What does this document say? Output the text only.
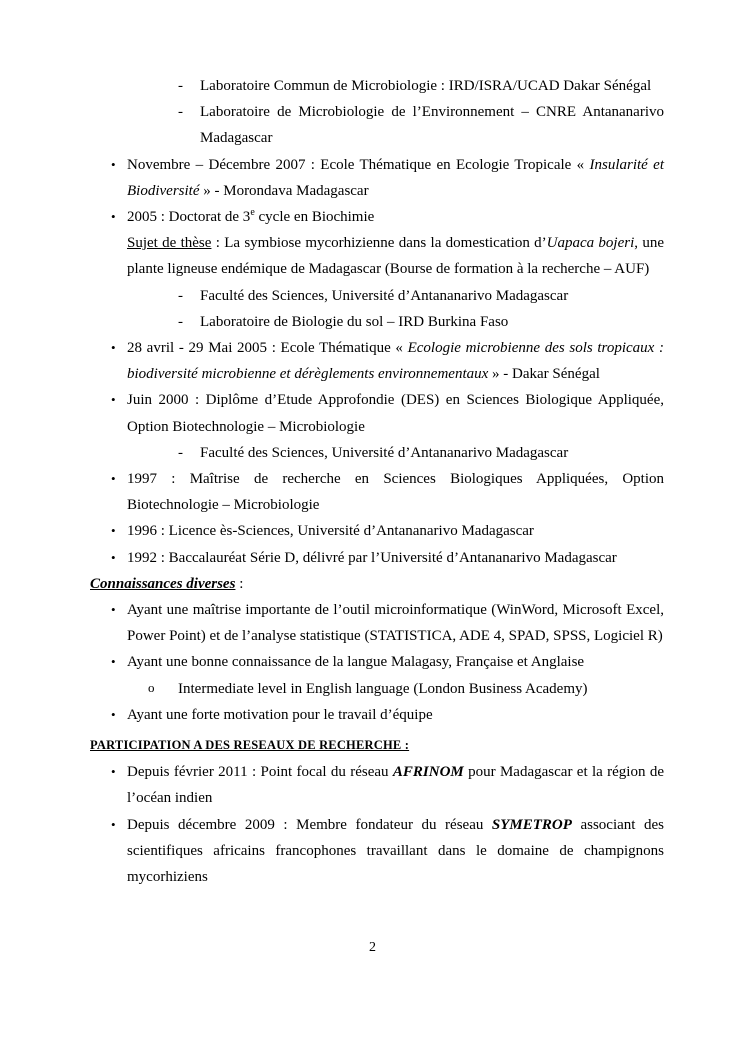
- Laboratoire Commun de Microbiologie : IRD/ISRA/UCAD Dakar Sénégal
- Laboratoire de Microbiologie de l’Environnement – CNRE Antananarivo Madagascar
• Novembre – Décembre 2007 : Ecole Thématique en Ecologie Tropicale « Insularité et Biodiversité » - Morondava Madagascar
• 2005 : Doctorat de 3e cycle en Biochimie
Sujet de thèse : La symbiose mycorhizienne dans la domestication d’Uapaca bojeri, une plante ligneuse endémique de Madagascar (Bourse de formation à la recherche – AUF)
- Faculté des Sciences, Université d’Antananarivo Madagascar
- Laboratoire de Biologie du sol – IRD Burkina Faso
• 28 avril - 29 Mai 2005 : Ecole Thématique « Ecologie microbienne des sols tropicaux : biodiversité microbienne et dérèglements environnementaux » - Dakar Sénégal
• Juin 2000 : Diplôme d’Etude Approfondie (DES) en Sciences Biologique Appliquée, Option Biotechnologie – Microbiologie
- Faculté des Sciences, Université d’Antananarivo Madagascar
• 1997 : Maîtrise de recherche en Sciences Biologiques Appliquées, Option Biotechnologie – Microbiologie
• 1996 : Licence ès-Sciences, Université d’Antananarivo Madagascar
• 1992 : Baccalauréat Série D, délivré par l’Université d’Antananarivo Madagascar
Connaissances diverses :
• Ayant une maîtrise importante de l’outil microinformatique (WinWord, Microsoft Excel, Power Point) et de l’analyse statistique (STATISTICA, ADE 4, SPAD, SPSS, Logiciel R)
• Ayant une bonne connaissance de la langue Malagasy, Française et Anglaise
o Intermediate level in English language (London Business Academy)
• Ayant une forte motivation pour le travail d’équipe
PARTICIPATION A DES RESEAUX DE RECHERCHE :
• Depuis février 2011 : Point focal du réseau AFRINOM pour Madagascar et la région de l’océan indien
• Depuis décembre 2009 : Membre fondateur du réseau SYMETROP associant des scientifiques africains francophones travaillant dans le domaine de champignons mycorhiziens
2
